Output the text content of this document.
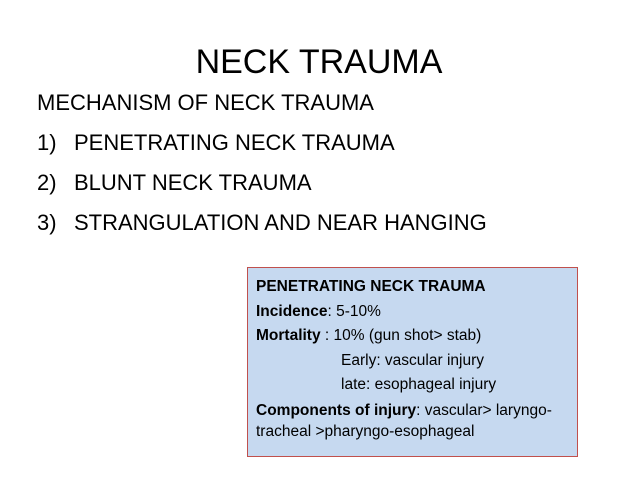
NECK TRAUMA
MECHANISM OF NECK TRAUMA
1) PENETRATING NECK TRAUMA
2) BLUNT NECK TRAUMA
3) STRANGULATION AND NEAR HANGING
PENETRATING NECK TRAUMA
Incidence: 5-10%
Mortality : 10% (gun shot> stab)
Early: vascular injury
late: esophageal injury
Components of injury: vascular> laryngo-tracheal >pharyngo-esophageal
